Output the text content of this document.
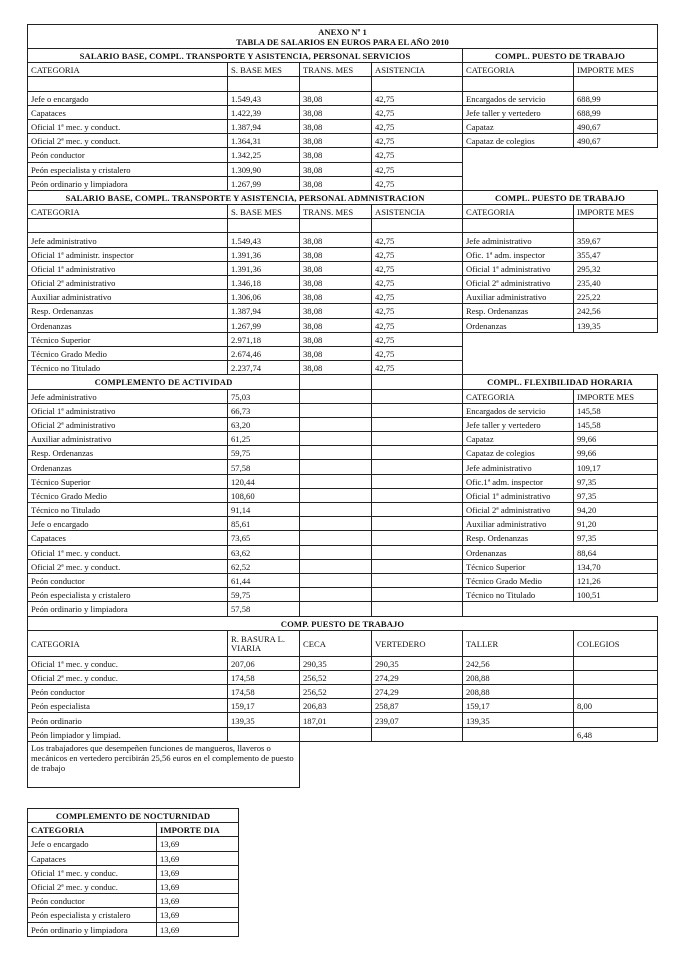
ANEXO Nº 1
TABLA DE SALARIOS EN EUROS PARA EL AÑO 2010					

SALARIO BASE, COMPL. TRANSPORTE Y ASISTENCIA, PERSONAL SERVICIOS				COMPL. PUESTO DE TRABAJO	
CATEGORIA	S. BASE MES	TRANS. MES	ASISTENCIA	CATEGORIA	IMPORTE MES

Jefe o encargado	1.549,43	38,08	42,75	Encargados de servicio	688,99
Capataces	1.422,39	38,08	42,75	Jefe taller y vertedero	688,99
Oficial 1ª mec. y conduct.	1.387,94	38,08	42,75	Capataz	490,67
Oficial 2ª mec. y conduct.	1.364,31	38,08	42,75	Capataz de colegios	490,67
Peón conductor	1.342,25	38,08	42,75		
Peón especialista y cristalero	1.309,90	38,08	42,75		
Peón ordinario y limpiadora	1.267,99	38,08	42,75		
SALARIO BASE, COMPL. TRANSPORTE Y ASISTENCIA, PERSONAL ADMNISTRACION				COMPL. PUESTO DE TRABAJO	
CATEGORIA	S. BASE MES	TRANS. MES	ASISTENCIA	CATEGORIA	IMPORTE MES

Jefe administrativo	1.549,43	38,08	42,75	Jefe administrativo	359,67
Oficial 1ª administr. inspector	1.391,36	38,08	42,75	Ofic. 1ª adm. inspector	355,47
Oficial 1ª administrativo	1.391,36	38,08	42,75	Oficial 1ª administrativo	295,32
Oficial 2ª administrativo	1.346,18	38,08	42,75	Oficial 2ª administrativo	235,40
Auxiliar administrativo	1.306,06	38,08	42,75	Auxiliar administrativo	225,22
Resp. Ordenanzas	1.387,94	38,08	42,75	Resp. Ordenanzas	242,56
Ordenanzas	1.267,99	38,08	42,75	Ordenanzas	139,35
Técnico Superior	2.971,18	38,08	42,75		
Técnico Grado Medio	2.674,46	38,08	42,75		
Técnico no Titulado	2.237,74	38,08	42,75		
COMPLEMENTO DE ACTIVIDAD				COMPL. FLEXIBILIDAD HORARIA	
Jefe administrativo	75,03			CATEGORIA	IMPORTE MES
Oficial 1ª administrativo	66,73			Encargados de servicio	145,58
Oficial 2ª administrativo	63,20			Jefe taller y vertedero	145,58
Auxiliar administrativo	61,25			Capataz	99,66
Resp. Ordenanzas	59,75			Capataz de colegios	99,66
Ordenanzas	57,58			Jefe administrativo	109,17
Técnico Superior	120,44			Ofic.1ª adm. inspector	97,35
Técnico Grado Medio	108,60			Oficial 1ª administrativo	97,35
Técnico no Titulado	91,14			Oficial 2ª administrativo	94,20
Jefe o encargado	85,61			Auxiliar administrativo	91,20
Capataces	73,65			Resp. Ordenanzas	97,35
Oficial 1ª mec. y conduct.	63,62			Ordenanzas	88,64
Oficial 2ª mec. y conduct.	62,52			Técnico Superior	134,70
Peón conductor	61,44			Técnico Grado Medio	121,26
Peón especialista y cristalero	59,75			Técnico no Titulado	100,51
Peón ordinario y limpiadora	57,58				
COMP. PUESTO DE TRABAJO					
CATEGORIA	R. BASURA L. VIARIA	CECA	VERTEDERO	TALLER	COLEGIOS
Oficial 1ª mec. y conduc.	207,06	290,35	290,35	242,56	
Oficial 2ª mec. y conduc.	174,58	256,52	274,29	208,88	
Peón conductor	174,58	256,52	274,29	208,88	
Peón especialista	159,17	206,83	258,87	159,17	8,00
Peón ordinario	139,35	187,01	239,07	139,35	
Peón limpiador y limpiad.					6,48
Los trabajadores que desempeñen funciones de mangueros, llaveros o mecánicos en vertedero percibirán 25,56 euros en el complemento de puesto de trabajo					
COMPLEMENTO DE NOCTURNIDAD	
CATEGORIA	IMPORTE DIA
Jefe o encargado	13,69
Capataces	13,69
Oficial 1ª mec. y conduc.	13,69
Oficial 2ª mec. y conduc.	13,69
Peón conductor	13,69
Peón especialista y cristalero	13,69
Peón ordinario y limpiadora	13,69
